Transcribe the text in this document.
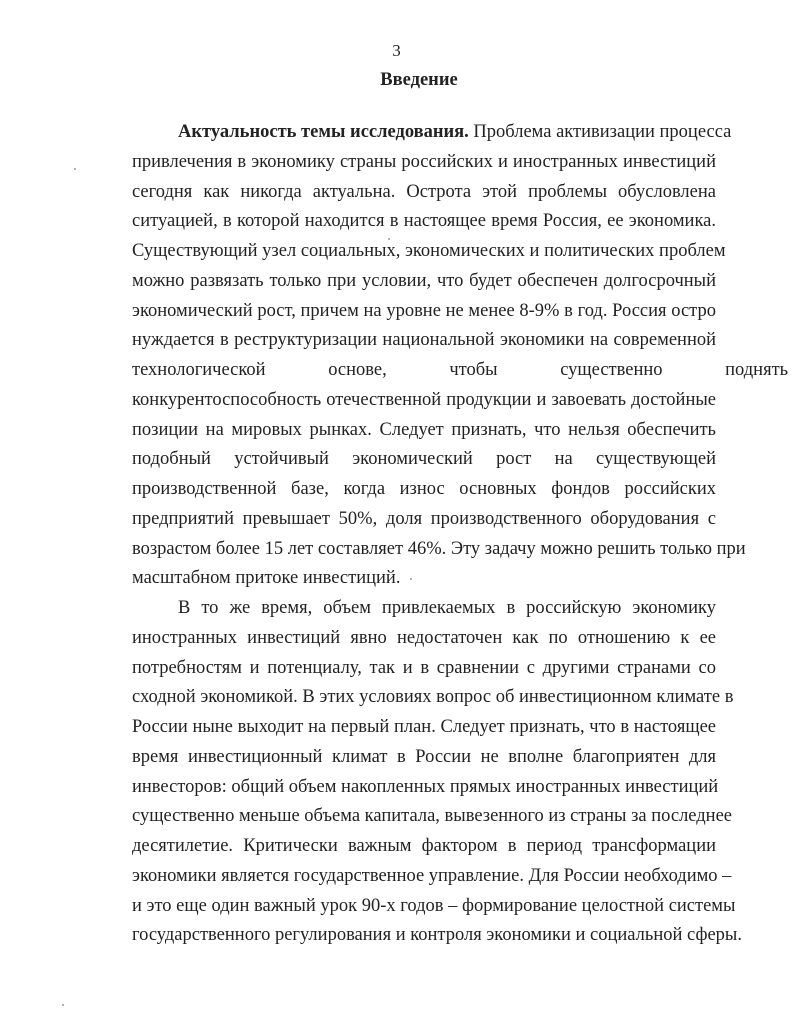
3
Введение

Актуальность темы исследования. Проблема активизации процесса

привлечения в экономику страны российских и иностранных инвестиций

сегодня как никогда актуальна. Острота этой проблемы обусловлена

ситуацией, в которой находится в настоящее время Россия, ее экономика.

Существующий узел социальных, экономических и политических проблем

можно развязать только при условии, что будет обеспечен долгосрочный

экономический рост, причем на уровне не менее 8-9% в год. Россия остро

нуждается в реструктуризации национальной экономики на современной

технологической основе, чтобы существенно поднять

конкурентоспособность отечественной продукции и завоевать достойные

позиции на мировых рынках. Следует признать, что нельзя обеспечить

подобный устойчивый экономический рост на существующей

производственной базе, когда износ основных фондов российских

предприятий превышает 50%, доля производственного оборудования с

возрастом более 15 лет составляет 46%. Эту задачу можно решить только при

масштабном притоке инвестиций.

В то же время, объем привлекаемых в российскую экономику

иностранных инвестиций явно недостаточен как по отношению к ее

потребностям и потенциалу, так и в сравнении с другими странами со

сходной экономикой. В этих условиях вопрос об инвестиционном климате в

России ныне выходит на первый план. Следует признать, что в настоящее

время инвестиционный климат в России не вполне благоприятен для

инвесторов: общий объем накопленных прямых иностранных инвестиций

существенно меньше объема капитала, вывезенного из страны за последнее

десятилетие. Критически важным фактором в период трансформации

экономики является государственное управление. Для России необходимо –

и это еще один важный урок 90-х годов – формирование целостной системы

государственного регулирования и контроля экономики и социальной сферы.
